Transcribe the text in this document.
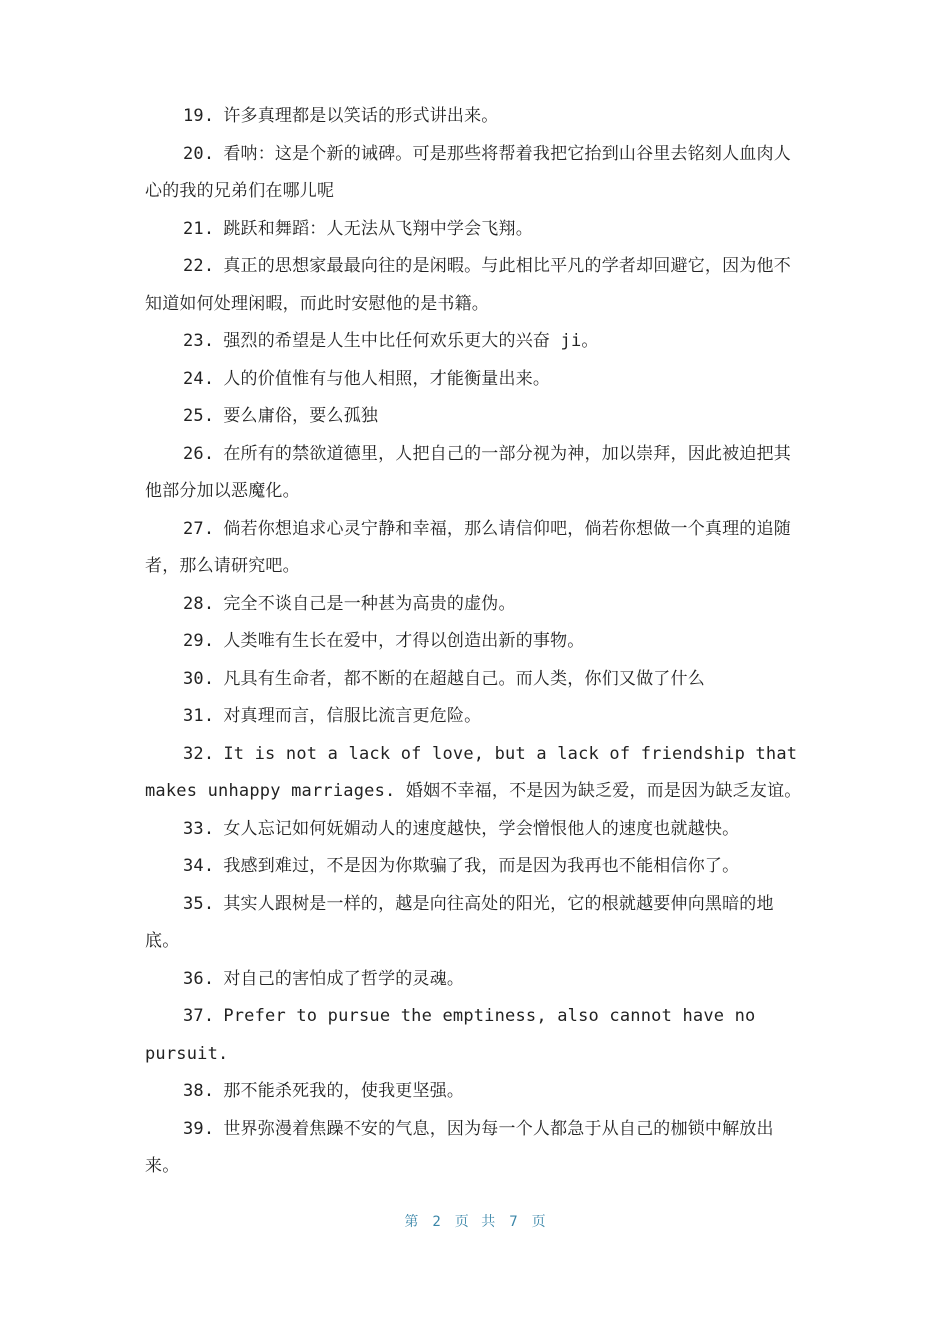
19. 许多真理都是以笑话的形式讲出来。

20. 看呐：这是个新的诫碑。可是那些将帮着我把它抬到山谷里去铭刻人血肉人心的我的兄弟们在哪儿呢

21. 跳跃和舞蹈：人无法从飞翔中学会飞翔。

22. 真正的思想家最最向往的是闲暇。与此相比平凡的学者却回避它，因为他不知道如何处理闲暇，而此时安慰他的是书籍。

23. 强烈的希望是人生中比任何欢乐更大的兴奋 ji。

24. 人的价值惟有与他人相照，才能衡量出来。

25. 要么庸俗，要么孤独

26. 在所有的禁欲道德里，人把自己的一部分视为神，加以崇拜，因此被迫把其他部分加以恶魔化。

27. 倘若你想追求心灵宁静和幸福，那么请信仰吧，倘若你想做一个真理的追随者，那么请研究吧。

28. 完全不谈自己是一种甚为高贵的虚伪。

29. 人类唯有生长在爱中，才得以创造出新的事物。

30. 凡具有生命者，都不断的在超越自己。而人类，你们又做了什么

31. 对真理而言，信服比流言更危险。

32. It is not a lack of love, but a lack of friendship that makes unhappy marriages. 婚姻不幸福，不是因为缺乏爱，而是因为缺乏友谊。

33. 女人忘记如何妩媚动人的速度越快，学会憎恨他人的速度也就越快。

34. 我感到难过，不是因为你欺骗了我，而是因为我再也不能相信你了。

35. 其实人跟树是一样的，越是向往高处的阳光，它的根就越要伸向黑暗的地底。

36. 对自己的害怕成了哲学的灵魂。

37. Prefer to pursue the emptiness, also cannot have no pursuit.

38. 那不能杀死我的，使我更坚强。

39. 世界弥漫着焦躁不安的气息，因为每一个人都急于从自己的枷锁中解放出来。

第 2 页 共 7 页
